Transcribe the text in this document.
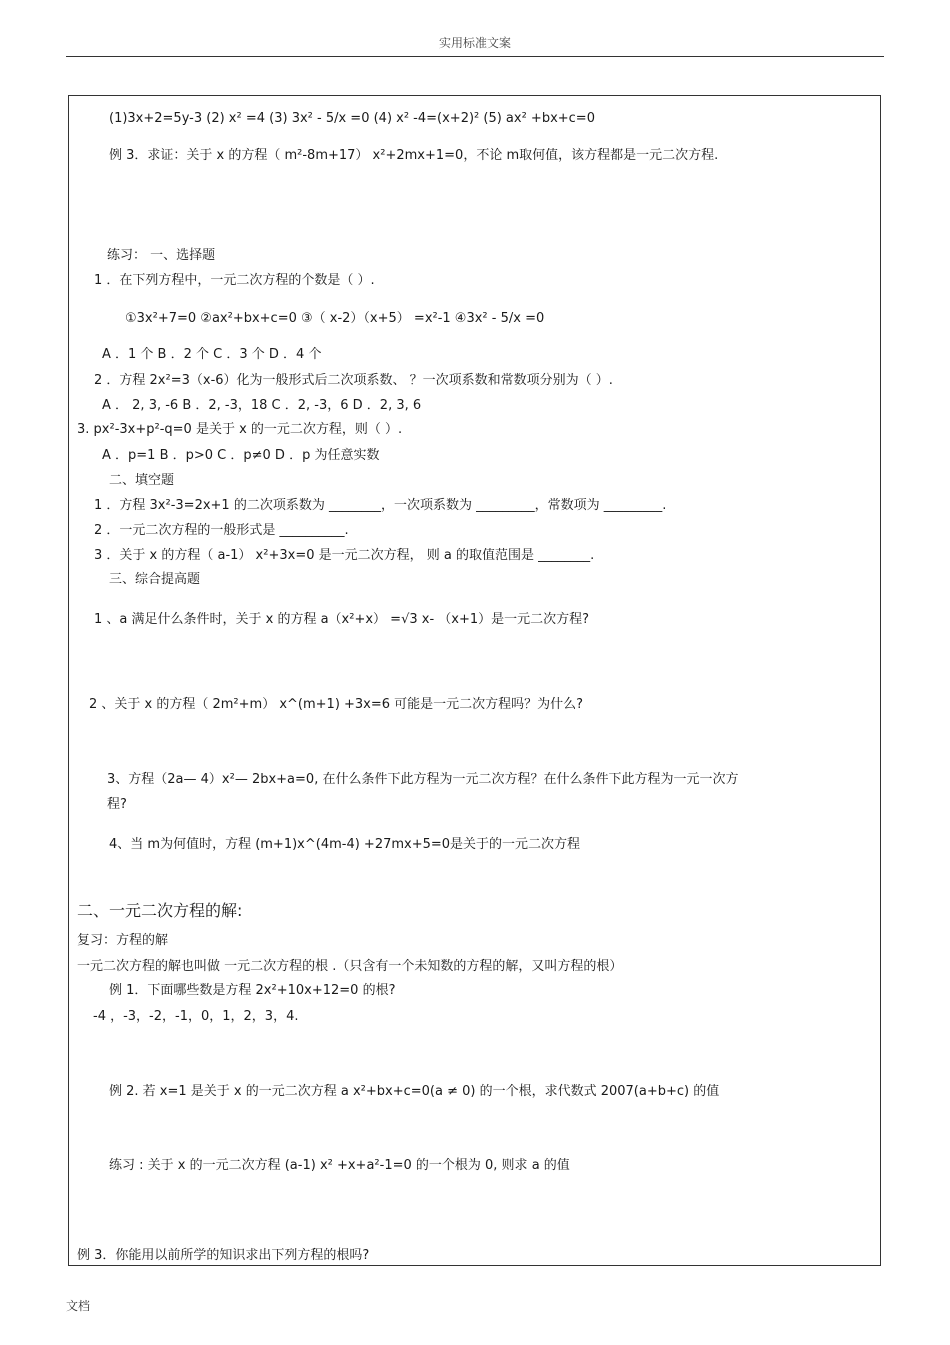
实用标准文案
(1)3x+2=5y-3 (2) x² =4 (3) 3x² - 5/x =0 (4) x² -4=(x+2)² (5) ax² +bx+c=0
例 3．求证：关于 x 的方程（ m²-8m+17） x²+2mx+1=0，不论 m取何值，该方程都是一元二次方程.
练习： 一、选择题
1 ．在下列方程中，一元二次方程的个数是（ ）.
①3x²+7=0 ②ax²+bx+c=0 ③（ x-2）（x+5） =x²-1 ④3x² - 5/x =0
A ．1 个 B ．2 个 C ．3 个 D ．4 个
2 ．方程 2x²=3（x-6）化为一般形式后二次项系数、 ？一次项系数和常数项分别为（ ）.
A ． 2, 3, -6 B ．2, -3，18 C ．2, -3，6 D ．2, 3, 6
3. px²-3x+p²-q=0 是关于 x 的一元二次方程，则（ ）.
A ．p=1 B ．p>0 C ．p≠0 D ．p 为任意实数
二、填空题
1 ．方程 3x²-3=2x+1 的二次项系数为 ________，一次项系数为 _________，常数项为 _________.
2 ．一元二次方程的一般形式是 __________.
3 ．关于 x 的方程（ a-1） x²+3x=0 是一元二次方程， 则 a 的取值范围是 ________.
三、综合提高题
1 、a 满足什么条件时，关于 x 的方程 a（x²+x） =√3 x- （x+1）是一元二次方程?
2 、关于 x 的方程（ 2m²+m） x^(m+1) +3x=6 可能是一元二次方程吗？为什么?
3、方程（2a— 4）x²— 2bx+a=0, 在什么条件下此方程为一元二次方程？在什么条件下此方程为一元一次方
程?
4、当 m为何值时，方程 (m+1)x^(4m-4) +27mx+5=0是关于的一元二次方程
二、一元二次方程的解:
复习：方程的解
一元二次方程的解也叫做 一元二次方程的根 .（只含有一个未知数的方程的解，又叫方程的根）
例 1．下面哪些数是方程 2x²+10x+12=0 的根?
-4 ，-3，-2，-1，0，1，2，3，4.
例 2. 若 x=1 是关于 x 的一元二次方程 a x²+bx+c=0(a ≠ 0) 的一个根，求代数式 2007(a+b+c) 的值
练习 : 关于 x 的一元二次方程 (a-1) x² +x+a²-1=0 的一个根为 0, 则求 a 的值
例 3．你能用以前所学的知识求出下列方程的根吗?
文档
